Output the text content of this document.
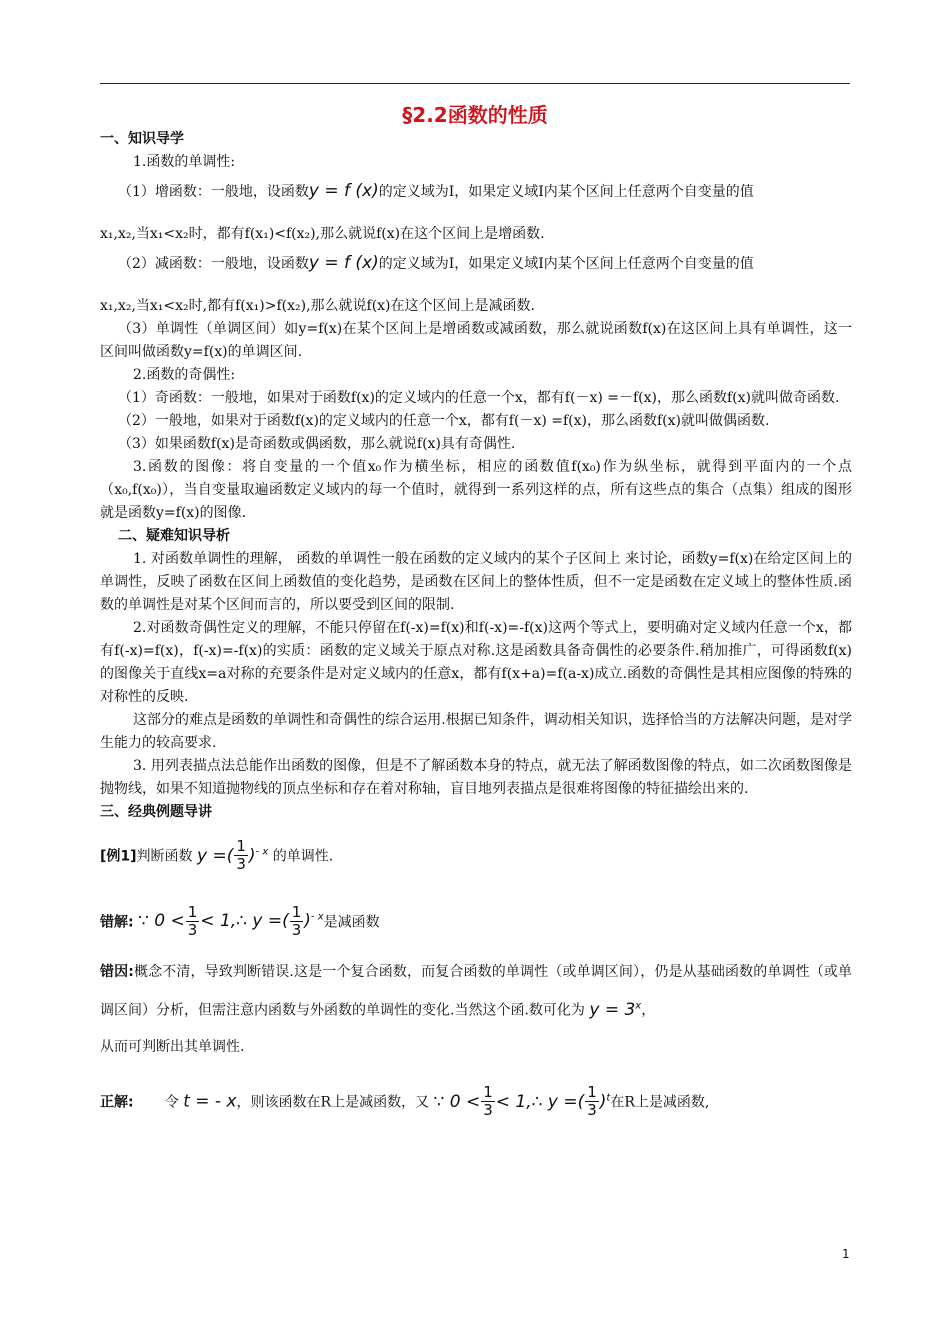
§2.2函数的性质

一、知识导学

1.函数的单调性:

（1）增函数：一般地，设函数y = f (x)的定义域为I，如果定义域I内某个区间上任意两个自变量的值

x₁,x₂,当x₁<x₂时，都有f(x₁)<f(x₂),那么就说f(x)在这个区间上是增函数.

（2）减函数：一般地，设函数y = f (x)的定义域为I，如果定义域I内某个区间上任意两个自变量的值

x₁,x₂,当x₁<x₂时,都有f(x₁)>f(x₂),那么就说f(x)在这个区间上是减函数.

（3）单调性（单调区间）如y=f(x)在某个区间上是增函数或减函数，那么就说函数f(x)在这区间上具有单调性，这一区间叫做函数y=f(x)的单调区间.

2.函数的奇偶性:

（1）奇函数：一般地，如果对于函数f(x)的定义域内的任意一个x，都有f(－x) =－f(x)，那么函数f(x)就叫做奇函数.

（2）一般地，如果对于函数f(x)的定义域内的任意一个x，都有f(－x) =f(x)，那么函数f(x)就叫做偶函数.

（3）如果函数f(x)是奇函数或偶函数，那么就说f(x)具有奇偶性.

3.函数的图像：将自变量的一个值x₀作为横坐标，相应的函数值f(x₀)作为纵坐标，就得到平面内的一个点（x₀,f(x₀)），当自变量取遍函数定义域内的每一个值时，就得到一系列这样的点，所有这些点的集合（点集）组成的图形就是函数y=f(x)的图像.

二、疑难知识导析

1. 对函数单调性的理解， 函数的单调性一般在函数的定义域内的某个子区间上 来讨论，函数y=f(x)在给定区间上的单调性，反映了函数在区间上函数值的变化趋势，是函数在区间上的整体性质，但不一定是函数在定义域上的整体性质.函数的单调性是对某个区间而言的，所以要受到区间的限制.

2.对函数奇偶性定义的理解，不能只停留在f(-x)=f(x)和f(-x)=-f(x)这两个等式上，要明确对定义域内任意一个x，都有f(-x)=f(x)，f(-x)=-f(x)的实质：函数的定义域关于原点对称.这是函数具备奇偶性的必要条件.稍加推广，可得函数f(x)的图像关于直线x=a对称的充要条件是对定义域内的任意x，都有f(x+a)=f(a-x)成立.函数的奇偶性是其相应图像的特殊的对称性的反映.

这部分的难点是函数的单调性和奇偶性的综合运用.根据已知条件，调动相关知识，选择恰当的方法解决问题，是对学生能力的较高要求.

3. 用列表描点法总能作出函数的图像，但是不了解函数本身的特点，就无法了解函数图像的特点，如二次函数图像是抛物线，如果不知道抛物线的顶点坐标和存在着对称轴，盲目地列表描点是很难将图像的特征描绘出来的.

三、经典例题导讲

[例1]判断函数 y =( $\frac{1}{3} )^{- x}$ 的单调性.

错解: ∵ $0 < \frac{1}{3}$ < 1,∴ y =( $\frac{1}{3} )^{- x}$是减函数

错因:概念不清，导致判断错误.这是一个复合函数，而复合函数的单调性（或单调区间），仍是从基础函数的单调性（或单调区间）分析，但需注意内函数与外函数的单调性的变化.当然这个函.数可化为 $y = 3^x$，

从而可判断出其单调性.

正解: 令 t = - x，则该函数在R上是减函数，又 ∵ $0 < \frac{1}{3}$ < 1,∴ y =( $\frac{1}{3} )^t$在R上是减函数,

1
